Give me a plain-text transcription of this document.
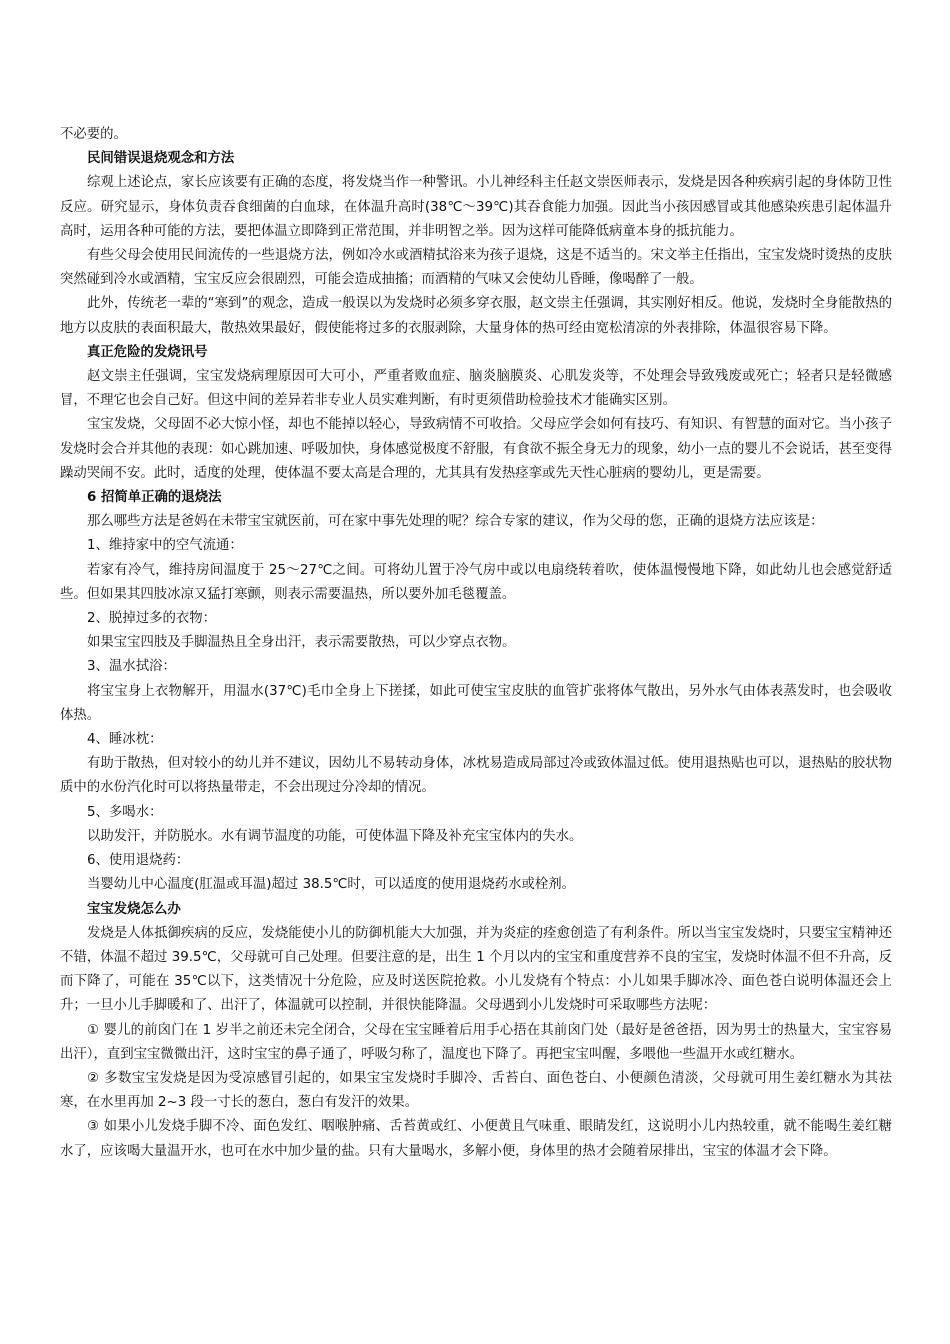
不必要的。

民间错误退烧观念和方法

综观上述论点，家长应该要有正确的态度，将发烧当作一种警讯。小儿神经科主任赵文崇医师表示，发烧是因各种疾病引起的身体防卫性反应。研究显示，身体负责吞食细菌的白血球，在体温升高时(38℃～39℃)其吞食能力加强。因此当小孩因感冒或其他感染疾患引起体温升高时，运用各种可能的方法，要把体温立即降到正常范围，并非明智之举。因为这样可能降低病童本身的抵抗能力。

有些父母会使用民间流传的一些退烧方法，例如冷水或酒精拭浴来为孩子退烧，这是不适当的。宋文举主任指出，宝宝发烧时烫热的皮肤突然碰到冷水或酒精，宝宝反应会很剧烈，可能会造成抽搐；而酒精的气味又会使幼儿昏睡，像喝醉了一般。

此外，传统老一辈的“寒到”的观念，造成一般误以为发烧时必须多穿衣服，赵文崇主任强调，其实刚好相反。他说，发烧时全身能散热的地方以皮肤的表面积最大，散热效果最好，假使能将过多的衣服剥除，大量身体的热可经由宽松清凉的外表排除，体温很容易下降。

真正危险的发烧讯号

赵文崇主任强调，宝宝发烧病理原因可大可小，严重者败血症、脑炎脑膜炎、心肌发炎等，不处理会导致残废或死亡；轻者只是轻微感冒，不理它也会自己好。但这中间的差异若非专业人员实难判断，有时更须借助检验技术才能确实区别。

宝宝发烧，父母固不必大惊小怪，却也不能掉以轻心，导致病情不可收拾。父母应学会如何有技巧、有知识、有智慧的面对它。当小孩子发烧时会合并其他的表现：如心跳加速、呼吸加快，身体感觉极度不舒服，有食欲不振全身无力的现象，幼小一点的婴儿不会说话，甚至变得躁动哭闹不安。此时，适度的处理，使体温不要太高是合理的，尤其具有发热痉挛或先天性心脏病的婴幼儿，更是需要。

6 招简单正确的退烧法

那么哪些方法是爸妈在未带宝宝就医前，可在家中事先处理的呢？综合专家的建议，作为父母的您，正确的退烧方法应该是：

1、维持家中的空气流通：

若家有冷气，维持房间温度于 25～27℃之间。可将幼儿置于冷气房中或以电扇绕转着吹，使体温慢慢地下降，如此幼儿也会感觉舒适些。但如果其四肢冰凉又猛打寒颤，则表示需要温热，所以要外加毛毯覆盖。

2、脱掉过多的衣物：

如果宝宝四肢及手脚温热且全身出汗，表示需要散热，可以少穿点衣物。

3、温水拭浴：

将宝宝身上衣物解开，用温水(37℃)毛巾全身上下搓揉，如此可使宝宝皮肤的血管扩张将体气散出，另外水气由体表蒸发时，也会吸收体热。

4、睡冰枕：

有助于散热，但对较小的幼儿并不建议，因幼儿不易转动身体，冰枕易造成局部过冷或致体温过低。使用退热贴也可以，退热贴的胶状物质中的水份汽化时可以将热量带走，不会出现过分冷却的情况。

5、多喝水：

以助发汗，并防脱水。水有调节温度的功能，可使体温下降及补充宝宝体内的失水。

6、使用退烧药：

当婴幼儿中心温度(肛温或耳温)超过 38.5℃时，可以适度的使用退烧药水或栓剂。

宝宝发烧怎么办

发烧是人体抵御疾病的反应，发烧能使小儿的防御机能大大加强，并为炎症的痊愈创造了有利条件。所以当宝宝发烧时，只要宝宝精神还不错，体温不超过 39.5℃，父母就可自己处理。但要注意的是，出生 1 个月以内的宝宝和重度营养不良的宝宝，发烧时体温不但不升高，反而下降了，可能在 35℃以下，这类情况十分危险，应及时送医院抢救。小儿发烧有个特点：小儿如果手脚冰冷、面色苍白说明体温还会上升；一旦小儿手脚暖和了、出汗了，体温就可以控制，并很快能降温。父母遇到小儿发烧时可采取哪些方法呢：

① 婴儿的前囟门在 1 岁半之前还未完全闭合，父母在宝宝睡着后用手心捂在其前囟门处（最好是爸爸捂，因为男士的热量大，宝宝容易出汗），直到宝宝微微出汗，这时宝宝的鼻子通了，呼吸匀称了，温度也下降了。再把宝宝叫醒，多喂他一些温开水或红糖水。

② 多数宝宝发烧是因为受凉感冒引起的，如果宝宝发烧时手脚冷、舌苔白、面色苍白、小便颜色清淡，父母就可用生姜红糖水为其祛寒，在水里再加 2~3 段一寸长的葱白，葱白有发汗的效果。

③ 如果小儿发烧手脚不冷、面色发红、咽喉肿痛、舌苔黄或红、小便黄且气味重、眼睛发红，这说明小儿内热较重，就不能喝生姜红糖水了，应该喝大量温开水，也可在水中加少量的盐。只有大量喝水，多解小便，身体里的热才会随着尿排出，宝宝的体温才会下降。
